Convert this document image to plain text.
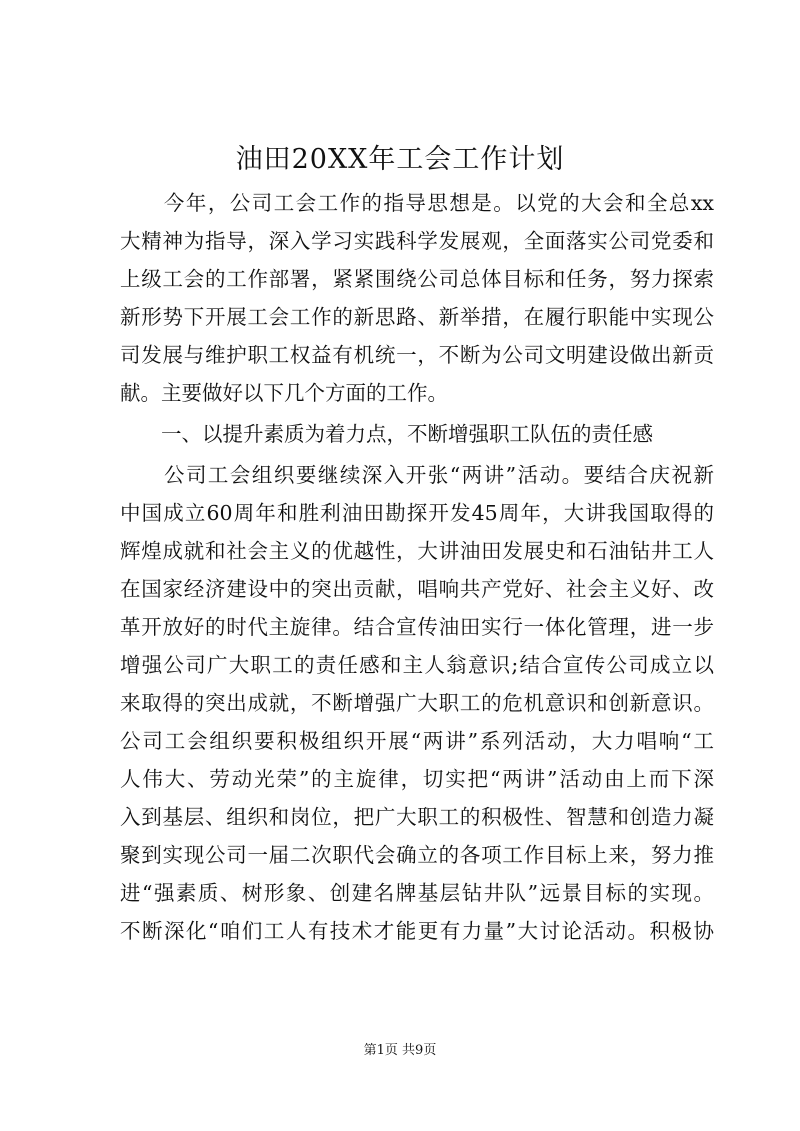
油田20XX年工会工作计划
　　今年，公司工会工作的指导思想是。以党的大会和全总xx
大精神为指导，深入学习实践科学发展观，全面落实公司党委和
上级工会的工作部署，紧紧围绕公司总体目标和任务，努力探索
新形势下开展工会工作的新思路、新举措，在履行职能中实现公
司发展与维护职工权益有机统一，不断为公司文明建设做出新贡
献。主要做好以下几个方面的工作。
　　一、以提升素质为着力点，不断增强职工队伍的责任感
　　公司工会组织要继续深入开张“两讲”活动。要结合庆祝新
中国成立60周年和胜利油田勘探开发45周年，大讲我国取得的
辉煌成就和社会主义的优越性，大讲油田发展史和石油钻井工人
在国家经济建设中的突出贡献，唱响共产党好、社会主义好、改
革开放好的时代主旋律。结合宣传油田实行一体化管理，进一步
增强公司广大职工的责任感和主人翁意识;结合宣传公司成立以
来取得的突出成就，不断增强广大职工的危机意识和创新意识。
公司工会组织要积极组织开展“两讲”系列活动，大力唱响“工
人伟大、劳动光荣”的主旋律，切实把“两讲”活动由上而下深
入到基层、组织和岗位，把广大职工的积极性、智慧和创造力凝
聚到实现公司一届二次职代会确立的各项工作目标上来，努力推
进“强素质、树形象、创建名牌基层钻井队”远景目标的实现。
不断深化“咱们工人有技术才能更有力量”大讨论活动。积极协
第1页 共9页
